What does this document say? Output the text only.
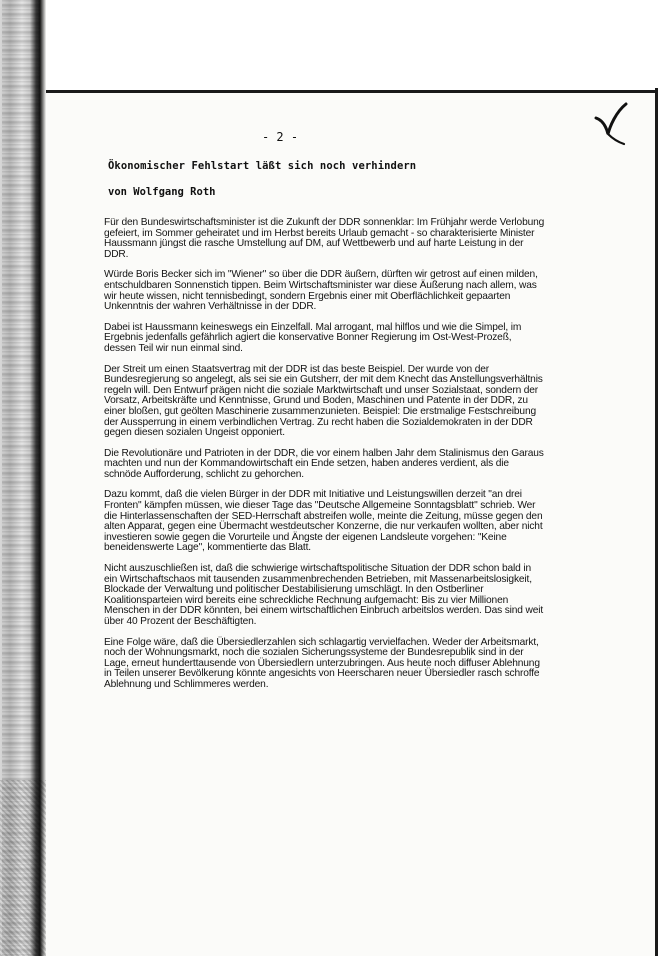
- 2 -
Ökonomischer Fehlstart läßt sich noch verhindern
von Wolfgang Roth

Für den Bundeswirtschaftsminister ist die Zukunft der DDR sonnenklar: Im Frühjahr werde Verlobung gefeiert, im Sommer geheiratet und im Herbst bereits Urlaub gemacht - so charakterisierte Minister Haussmann jüngst die rasche Umstellung auf DM, auf Wettbewerb und auf harte Leistung in der DDR.

Würde Boris Becker sich im "Wiener" so über die DDR äußern, dürften wir getrost auf einen milden, entschuldbaren Sonnenstich tippen. Beim Wirtschaftsminister war diese Äußerung nach allem, was wir heute wissen, nicht tennisbedingt, sondern Ergebnis einer mit Oberflächlichkeit gepaarten Unkenntnis der wahren Verhältnisse in der DDR.

Dabei ist Haussmann keineswegs ein Einzelfall. Mal arrogant, mal hilflos und wie die Simpel, im Ergebnis jedenfalls gefährlich agiert die konservative Bonner Regierung im Ost-West-Prozeß, dessen Teil wir nun einmal sind.

Der Streit um einen Staatsvertrag mit der DDR ist das beste Beispiel. Der wurde von der Bundesregierung so angelegt, als sei sie ein Gutsherr, der mit dem Knecht das Anstellungsverhältnis regeln will. Den Entwurf prägen nicht die soziale Marktwirtschaft und unser Sozialstaat, sondern der Vorsatz, Arbeitskräfte und Kenntnisse, Grund und Boden, Maschinen und Patente in der DDR, zu einer bloßen, gut geölten Maschinerie zusammenzunieten. Beispiel: Die erstmalige Festschreibung der Aussperrung in einem verbindlichen Vertrag. Zu recht haben die Sozialdemokraten in der DDR gegen diesen sozialen Ungeist opponiert.

Die Revolutionäre und Patrioten in der DDR, die vor einem halben Jahr dem Stalinismus den Garaus machten und nun der Kommandowirtschaft ein Ende setzen, haben anderes verdient, als die schnöde Aufforderung, schlicht zu gehorchen.

Dazu kommt, daß die vielen Bürger in der DDR mit Initiative und Leistungswillen derzeit "an drei Fronten" kämpfen müssen, wie dieser Tage das "Deutsche Allgemeine Sonntagsblatt" schrieb. Wer die Hinterlassenschaften der SED-Herrschaft abstreifen wolle, meinte die Zeitung, müsse gegen den alten Apparat, gegen eine Übermacht westdeutscher Konzerne, die nur verkaufen wollten, aber nicht investieren sowie gegen die Vorurteile und Ängste der eigenen Landsleute vorgehen: "Keine beneidenswerte Lage", kommentierte das Blatt.

Nicht auszuschließen ist, daß die schwierige wirtschaftspolitische Situation der DDR schon bald in ein Wirtschaftschaos mit tausenden zusammenbrechenden Betrieben, mit Massenarbeitslosigkeit, Blockade der Verwaltung und politischer Destabilisierung umschlägt. In den Ostberliner Koalitionsparteien wird bereits eine schreckliche Rechnung aufgemacht: Bis zu vier Millionen Menschen in der DDR könnten, bei einem wirtschaftlichen Einbruch arbeitslos werden. Das sind weit über 40 Prozent der Beschäftigten.

Eine Folge wäre, daß die Übersiedlerzahlen sich schlagartig vervielfachen. Weder der Arbeitsmarkt, noch der Wohnungsmarkt, noch die sozialen Sicherungssysteme der Bundesrepublik sind in der Lage, erneut hunderttausende von Übersiedlern unterzubringen. Aus heute noch diffuser Ablehnung in Teilen unserer Bevölkerung könnte angesichts von Heerscharen neuer Übersiedler rasch schroffe Ablehnung und Schlimmeres werden.
